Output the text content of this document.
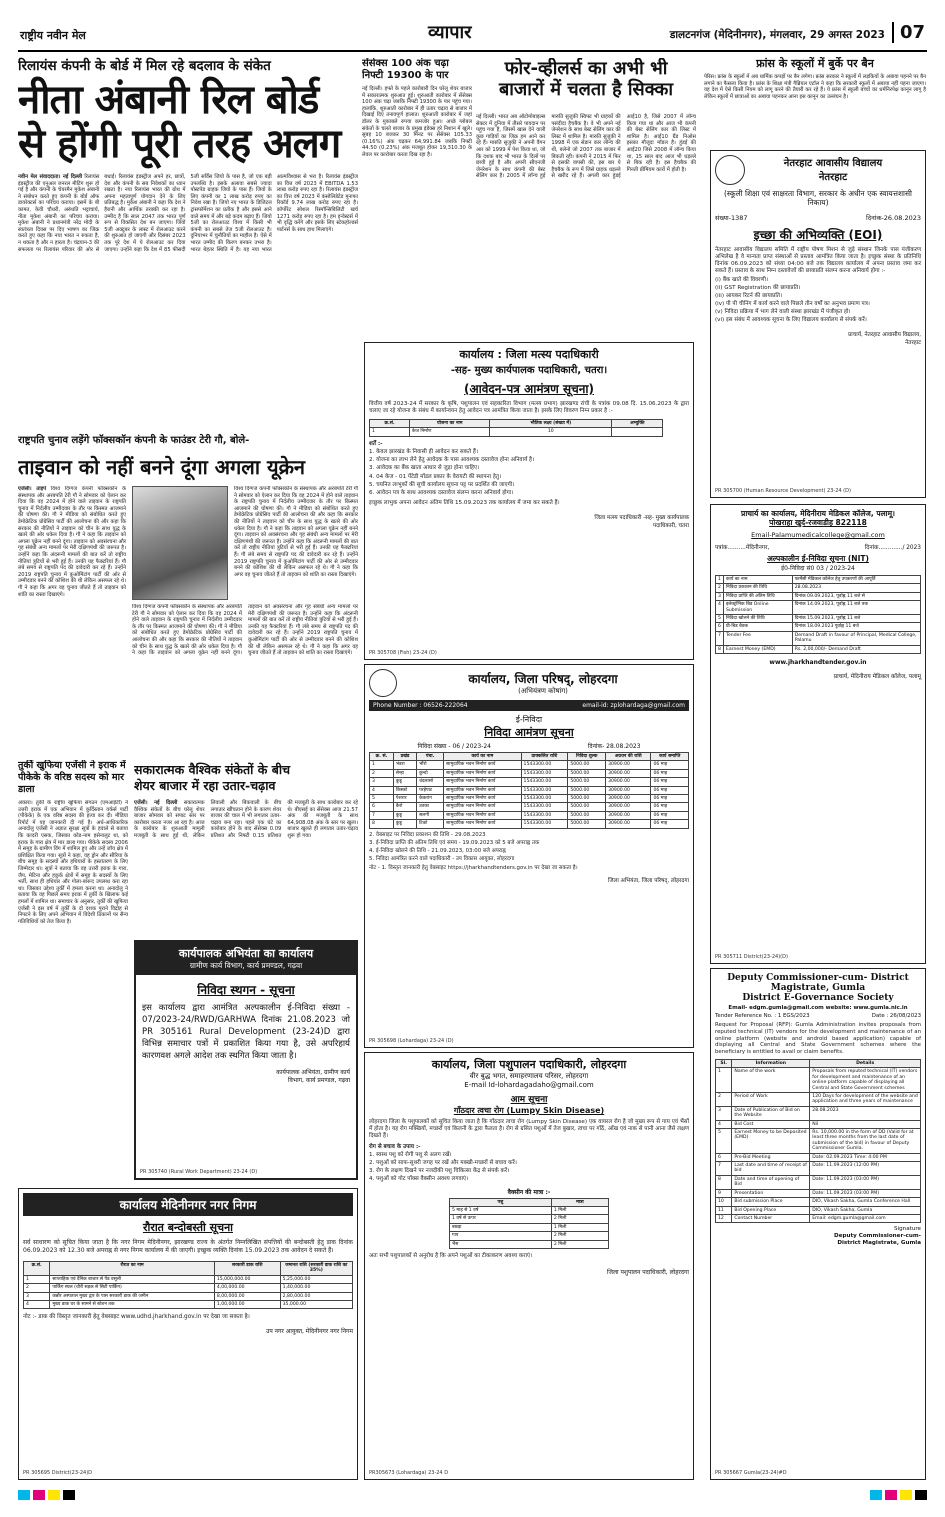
राष्ट्रीय नवीन मेल	व्यापार	डालटनगंज (मेदिनीनगर), मंगलवार, 29 अगस्त 2023 07
रिलायंस कंपनी के बोर्ड में मिल रहे बदलाव के संकेत
नीता अंबानी रिल बोर्ड
से होंगी पूरी तरह अलग
नवीन मेल संवाददाता। नई दिल्ली रिलायंस इंडस्ट्रीज की एनुअल जनरल मीटिंग शुरू हो गई है और कंपनी के चेयरमैन मुकेश अंबानी ने संबोधन करते हुए कंपनी के बोर्ड ऑफ डायरेक्टर्स का परिचय कराया। इसमें के बी कामत, केवी चौधरी, अरुंधति भट्टाचार्य, नीता मुकेश अंबानी का परिचय कराया। मुकेश अंबानी ने प्रधानमंत्री नरेंद्र मोदी के स्वतंत्रता दिवस पर दिए भाषण का जिक्र करते हुए कहा कि नया भारत न रुकता है, न थकता है और न हारता है। चंद्रयान-3 की सफलता पर रिलायंस परिवार की ओर से बधाई। रिलायंस इंडस्ट्रीज अपने हर, छात्रों, देश और कंपनी के सब निवेशकों का ध्यान रखता है। नया रिलायंस भारत की ग्रोथ में अपना महत्वपूर्ण योगदान देने के लिए प्रतिबद्ध है। मुकेश अंबानी ने कहा कि देश ने हैरानी और आर्थिक तरक्की कर रहा है। उम्मीद है कि साल 2047 तक भारत पूर्ण रूप से विकसित देश बन जाएगा। जियो 5जी अक्टूबर के लास्ट में रोलआउट करने की शुरुआत हो जाएगी और दिसंबर 2023 तक पूरे देश में ये रोलआउट कर दिया जाएगा। उन्होंने कहा कि देश में 85 फीसदी 5जी सर्विस जियो के पास है, जो एक बड़ी उपलब्धि है। इसके अलावा सबसे ज्यादा पोस्टपेड ग्राहक जियो के पास हैं। जियो के लिए कंपनी का 1 लाख करोड़ रुपए का निवेश रखा है। जियो नए भारत के डिजिटल ट्रांसफॉर्मेशन का प्रतीक है और इससे आने वाले समय में और बड़े कदम बढ़ाए हैं। जियो 5जी का रोलआउट विश्व में किसी भी कंपनी का सबसे तेज 5जी रोलआउट है। दुनियाभर में चुनौतियों का माहौल है। ऐसे में भारत उम्मीद की किरण बनकर उभरा है। भारत बेहतर स्थिति में है। यह नया भारत आत्मविश्वास से भरा है। रिलायंस इंडस्ट्रीज का वित्त वर्ष 2023 में EBITDA 1.53 लाख करोड़ रुपए रहा है। रिलायंस इंडस्ट्रीज का वित्त वर्ष 2023 में कंसोलिडेटेड मुनाफा रिकॉर्ड 9.74 लाख करोड़ रुपए रहा है। कॉर्पोरेट सोशल रिस्पॉन्सिबिलिटी खर्च 1271 करोड़ रुपए रहा है। हम इन्वेस्टर्स में भी वृद्धि करेंगे और इसके लिए स्टेकहोल्डर्स पार्टनर्स के साथ हाथ मिलाएंगे।
सेंसेक्स 100 अंक चढ़ा निफ्टी 19300 के पार
नई दिल्ली। हफ्ते के पहले कारोबारी दिन घरेलू शेयर बाजार में सकारात्मक शुरुआत हुई। शुरुआती कारोबार में सेंसेक्स 100 अंक चढ़ा जबकि निफ्टी 19300 के पार पहुंच गया। हालांकि, शुरुआती कारोबार में ही उतार चढ़ाव से बाजार में दिखाई दिए तनावपूर्ण हालात। शुरुआती कारोबार में जहां डॉलर के मुकाबले रुपया कमजोर हुआ। अच्छे ग्लोबल संकेतों के चलते बाजार के प्रमुख इंडेक्स हरे निशान में खुले। सुबह 10 बजकर 30 मिनट पर सेंसेक्स 105.33 (0.16%) अंक चढ़कर 64,991.84 जबकि निफ्टी 44.50 (0.23%) अंक मजबूत होकर 19,310.30 के लेवल पर कारोबार करता दिख रहा है।
फोर-व्हीलर्स का अभी भी
बाजारों में चलता है सिक्का
नई दिल्ली। भारत अब ऑटोमोबाइल्स सेक्टर में दुनिया में तीसरे पायदान पर पहुंच गया है, जिसमें खास देने वाली कुछ गाड़ियों का जिक्र हम आने कर रहे हैं। मारुति सुजुकी ने अपनी वैगन आर को 1999 में पेश किया था, जो कि दशक बाद भी भारत के दिलों पर छायी हुई है और अपनी सीएनजी जेनरेशन के साथ कंपनी की बेस्ट सेलिंग कार है। 2005 में लॉन्च हुई मारुति सुजुकी स्विफ्ट भी ग्राहकों की पसंदीदा हैचबैक है। वे भी अपने नई जेनरेशन के साथ बेस्ट सेलिंग कार की लिस्ट में शामिल है। मारुति सुजुकी ने 1998 में एक सेडान कार लॉन्च की थी, बलेनो जो 2007 तक बाजार में बिकती रही। कंपनी ने 2015 में फिर से इसकी वापसी की, इस बार ये हैचबैक के रूप में जिसे ग्राहक धड़ल्ले से खरीद रहे हैं। अगली कार हुंडई आई10 है, जिसे 2007 में लॉन्च किया गया था और आज भी कंपनी की बेस्ट सेलिंग कार की लिस्ट में शामिल है। आई10 ग्रैंड निओस इसका मौजूदा मॉडल है। हुंडई की आई20 जिसे 2008 में लॉन्च किया था, 15 साल बाद आज भी धड़ल्ले से बिक रही है। इस हैचबैक की गिनती प्रीमियम कारों में होती है।
फ्रांस के स्कूलों में बुर्के पर बैन
पेरिस। फ्रांस के स्कूलों में अब धार्मिक कपड़ों पर बैन लगेगा। फ्रांस सरकार ने स्कूलों में लड़कियों के अबाया पहनने पर बैन लगाने का फैसला किया है। फ्रांस के शिक्षा मंत्री गैब्रियल एटॉल ने कहा कि सरकारी स्कूलों में अबाया नहीं पहना जाएगा। वह देश में ऐसे किसी नियम को लागू करने की तैयारी कर रहे हैं। ये फ्रांस में स्कूली बच्चों का धर्मनिरपेक्ष कानून लागू है लेकिन स्कूलों में छात्राओं का अबाया पहनकर आना इस कानून का उल्लंघन है।
नेतरहाट आवासीय विद्यालय
नेतरहाट
(स्कूली शिक्षा एवं साक्षरता विभाग, सरकार के अधीन एक स्वायत्तशासी निकाय)
संख्या-1387	दिनांक-26.08.2023
इच्छा की अभिव्यक्ति (EOI)
नेतरहाट आवासीय विद्यालय समिति में राष्ट्रीय पोषण मिशन से जुड़े संस्थान जिनके पास पंजीकरण अभिलेख है वे मान्यता प्राप्त संस्थाओं से प्रस्ताव आमंत्रित किया जाता है। इच्छुक संस्था के प्रतिनिधि दिनांक 06.09.2023 को संध्या 04:00 बजे तक विद्यालय कार्यालय में अपना प्रस्ताव जमा कर सकते हैं। प्रस्ताव के साथ निम्न दस्तावेजों की छायाप्रति संलग्न करना अनिवार्य होगा :-

(i) बैंक खाते की विवरणी।

(ii) GST Registration की छायाप्रति।

(iii) आयकर रिटर्न की छायाप्रति।

(iv) पी पी चीनिंग में कार्य करने वाले पिछले तीन वर्षों का अनुभव प्रमाण पत्र।

(v) निविदा प्रक्रिया में भाग लेने वाली संस्था झारखंड में पंजीकृत हो।

(vi) इस संबंध में आवश्यक सूचना के लिए विद्यालय कार्यालय से संपर्क करें।

प्राचार्य, नेतरहाट आवासीय विद्यालय, नेतरहाट
PR 305700 (Human Resource Development) 23-24 (D)
कार्यालय : जिला मत्स्य पदाधिकारी
-सह- मुख्य कार्यपालक पदाधिकारी, चतरा।
(आवेदन-पत्र आमंत्रण सूचना)
वित्तीय वर्ष 2023-24 में सरकार के कृषि, पशुपालन एवं सहकारिता विभाग (मत्स्य प्रभाग) झारखण्ड रांची के पत्रांक 09.08 दि. 15.06.2023 के द्वारा चलाए जा रहे योजना के संबंध में कार्यान्वयन हेतु आवेदन पत्र आमंत्रित किया जाता है। इसके लिए विवरण निम्न प्रकार है :-
क्र.सं.	योजना का नाम	भौतिक लक्ष्य (संख्या में)	अभ्युक्ति
1	केज निर्माण	10	

शर्तें :-

1. केवल झारखंड के निवासी ही आवेदन कर सकते हैं।

2. योजना का लाभ लेने हेतु आवेदक के पास आवश्यक दस्तावेज होना अनिवार्य है।

3. आवेदक का बैंक खाता आधार से जुड़ा होना चाहिए।

4. 04 केज - 01 पेंटेडी मॉडल प्रकार के वेरायटी की स्थापना हेतु।

5. चयनित लाभुकों की सूची कार्यालय सूचना पट्ट पर प्रदर्शित की जाएगी।

6. आवेदन पत्र के साथ आवश्यक दस्तावेज संलग्न करना अनिवार्य होगा।

इच्छुक लाभुक अपना आवेदन अंतिम तिथि 15.09.2023 तक कार्यालय में जमा कर सकते हैं।

जिला मत्स्य पदाधिकारी -सह- मुख्य कार्यपालक पदाधिकारी, चतरा
PR 305708 (Fish) 23-24 (D)
राष्ट्रपति चुनाव लड़ेंगे फॉक्सकॉन कंपनी के फाउंडर टेरी गौ, बोले-
ताइवान को नहीं बनने दूंगा अगला यूक्रेन
एजेंसी। ताइपे विश्व दिग्गज कंपनी फॉक्सकॉन के संस्थापक और अरबपति टेरी गौ ने सोमवार को ऐलान कर दिया कि वह 2024 में होने वाले ताइवान के राष्ट्रपति चुनाव में निर्दलीय उम्मीदवार के तौर पर किस्मत आजमाने की घोषणा की। गौ ने मीडिया को संबोधित करते हुए डेमोक्रेटिक प्रोग्रेसिव पार्टी की आलोचना की और कहा कि सरकार की नीतियों ने ताइवान को चीन के साथ युद्ध के खतरे की ओर धकेल दिया है। गौ ने कहा कि ताइवान को अगला यूक्रेन नहीं बनने दूंगा। ताइवान को अवसंरचना और गृह संबंधी अन्य मामलों पर मेरी दक्षिणपंथी की जरूरत है। उन्होंने कहा कि अंदरूनी मामलों की बात करें तो राष्ट्रीय नीतियां त्रुटियों से भरी हुई हैं। उनकी यह फैक्टरियां हैं। गौ लंबे समय से राष्ट्रपति पद की दावेदारी कर रहे हैं। उन्होंने 2019 राष्ट्रपति चुनाव में कुओमिंटांग पार्टी की ओर से उम्मीदवार बनने की कोशिश की थी लेकिन असफल रहे थे। गौ ने कहा कि अगर वह चुनाव जीतते हैं तो ताइवान को शांति का रास्ता दिखाएंगे।
विश्व दिग्गज कंपनी फॉक्सकॉन के संस्थापक और अरबपति टेरी गौ ने सोमवार को ऐलान कर दिया कि वह 2024 में होने वाले ताइवान के राष्ट्रपति चुनाव में निर्दलीय उम्मीदवार के तौर पर किस्मत आजमाने की घोषणा की। गौ ने मीडिया को संबोधित करते हुए डेमोक्रेटिक प्रोग्रेसिव पार्टी की आलोचना की और कहा कि सरकार की नीतियों ने ताइवान को चीन के साथ युद्ध के खतरे की ओर धकेल दिया है। गौ ने कहा कि ताइवान को अगला यूक्रेन नहीं बनने दूंगा। ताइवान को अवसंरचना और गृह संबंधी अन्य मामलों पर मेरी दक्षिणपंथी की जरूरत है। उन्होंने कहा कि अंदरूनी मामलों की बात करें तो राष्ट्रीय नीतियां त्रुटियों से भरी हुई हैं। उनकी यह फैक्टरियां हैं। गौ लंबे समय से राष्ट्रपति पद की दावेदारी कर रहे हैं। उन्होंने 2019 राष्ट्रपति चुनाव में कुओमिंटांग पार्टी की ओर से उम्मीदवार बनने की कोशिश की थी लेकिन असफल रहे थे। गौ ने कहा कि अगर वह चुनाव जीतते हैं तो ताइवान को शांति का रास्ता दिखाएंगे।
विश्व दिग्गज कंपनी फॉक्सकॉन के संस्थापक और अरबपति टेरी गौ ने सोमवार को ऐलान कर दिया कि वह 2024 में होने वाले ताइवान के राष्ट्रपति चुनाव में निर्दलीय उम्मीदवार के तौर पर किस्मत आजमाने की घोषणा की। गौ ने मीडिया को संबोधित करते हुए डेमोक्रेटिक प्रोग्रेसिव पार्टी की आलोचना की और कहा कि सरकार की नीतियों ने ताइवान को चीन के साथ युद्ध के खतरे की ओर धकेल दिया है। गौ ने कहा कि ताइवान को अगला यूक्रेन नहीं बनने दूंगा। ताइवान को अवसंरचना और गृह संबंधी अन्य मामलों पर मेरी दक्षिणपंथी की जरूरत है। उन्होंने कहा कि अंदरूनी मामलों की बात करें तो राष्ट्रीय नीतियां त्रुटियों से भरी हुई हैं। उनकी यह फैक्टरियां हैं। गौ लंबे समय से राष्ट्रपति पद की दावेदारी कर रहे हैं। उन्होंने 2019 राष्ट्रपति चुनाव में कुओमिंटांग पार्टी की ओर से उम्मीदवार बनने की कोशिश की थी लेकिन असफल रहे थे। गौ ने कहा कि अगर वह चुनाव जीतते हैं तो ताइवान को शांति का रास्ता दिखाएंगे।
कार्यालय, जिला परिषद्, लोहरदगा
(अभियंत्रण कोषांग)
Phone Number : 06526-222064	email-id: zplohardaga@gmail.com
ई-निविदा
निविदा आमंत्रण सूचना
निविदा संख्या - 06 / 2023-24	दिनांक- 28.08.2023
क्र. सं.	प्रखंड	पंचा.	कार्य का नाम	प्राक्कलित राशि	निविदा शुल्क	अग्रधन की राशि	कार्य समाप्ति
1	भंडरा	भौंरो	सामुदायिक भवन निर्माण कार्य	1543300.00	5000.00	30900.00	06 माह
2	सेन्हा	कुन्दो	सामुदायिक भवन निर्माण कार्य	1543300.00	5000.00	30900.00	06 माह
3	कुडू	चंदलासो	सामुदायिक भवन निर्माण कार्य	1543300.00	5000.00	30900.00	06 माह
4	किस्को	परहेपाट	सामुदायिक भवन निर्माण कार्य	1543300.00	5000.00	30900.00	06 माह
5	पेशरार	केकरांग	सामुदायिक भवन निर्माण कार्य	1543300.00	5000.00	30900.00	06 माह
6	कैरो	उतका	सामुदायिक भवन निर्माण कार्य	1543300.00	5000.00	30900.00	06 माह
7	कुडू	सलगी	सामुदायिक भवन निर्माण कार्य	1543300.00	5000.00	30900.00	06 माह
8	कुडू	टिको	सामुदायिक भवन निर्माण कार्य	1543300.00	5000.00	30900.00	06 माह

2. वेबसाइट पर निविदा प्रकाशन की तिथि - 29.08.2023

3. ई-निविदा प्राप्ति की अंतिम तिथि एवं समय - 19.09.2023 को 5 बजे अपराह्न तक

4. ई-निविदा खोलने की तिथि - 21.09.2023, 03:00 बजे अपराह्न

5. निविदा आमंत्रित करने वाले पदाधिकारी - उप विकास आयुक्त, लोहरदगा

नोट - 1. विस्तृत जानकारी हेतु वेबसाइट https://jharkhandtenders.gov.in पर देखा जा सकता है।

जिला अभियंता, जिला परिषद्, लोहरदगा
PR 305698 (Lohardaga) 23-24 (D)
प्राचार्य का कार्यालय, मेदिनीराय मेडिकल कॉलेज, पलामू।
पोखराहा खुर्द-रजवाडीह 822118
Email-Palamumedicalcollege@gmail.com
पत्रांक..........मेदिनीनगर,	दिनांक............./ 2023
अल्पकालीन ई-निविदा सूचना (NIT)
ई0-निविदा सं0 03 / 2023-24
1	कार्य का नाम	फार्मेसी मेडिकल कॉलेज हेतु उपकरणों की आपूर्ति
2	निविदा प्रकाशन की तिथि	28.08.2023
3	निविदा प्राप्ति की अंतिम तिथि	दिनांक 09.09.2023, पूर्वाह्न 11 बजे से
4	इलेक्ट्रॉनिक बिड Online Submission	दिनांक 14.09.2023, पूर्वाह्न 11 बजे तक
5	निविदा खोलने की तिथि	दिनांक 15.09.2023, पूर्वाह्न 11 बजे
6	प्री-बिड बैठक	दिनांक 18.09.2023 पूर्वाह्न 11 बजे
7	Tender Fee	Demand Draft in favour of Principal, Medical College, Palamu
8	Earnest Money (EMD)	Rs. 2,00,000/- Demand Draft
www.jharkhandtender.gov.in
प्राचार्य, मेदिनीराय मेडिकल कॉलेज, पलामू
PR 305711 District(23-24)(D)
तुर्की खुफिया एजेंसी ने इराक में पीकेके के वरिष्ठ सदस्य को मार डाला
अंकारा। तुर्की के राष्ट्रीय खुफिया संगठन (एमआईटी) ने उत्तरी इराक में एक अभियान में कुर्दिस्तान वर्कर्स पार्टी (पीकेके) के एक वरिष्ठ सदस्य की हत्या कर दी। मीडिया रिपोर्ट में यह जानकारी दी गई है। अर्ध-आधिकारिक अनादोलु एजेंसी ने अज्ञात सुरक्षा सूत्रों के हवाले से बताया कि कादरी एसक, जिसका कोड-नाम हसेनालुट था, को इराक के गारा क्षेत्र में मार डाला गया। पीकेके सदस्य 2006 में समूह के ग्रामीण विंग में शामिल हुए और उन्हें जॉय क्षेत्र में प्रशिक्षित किया गया। सूत्रों ने कहा, वह ड्रोन और सीरिया के बीच समूह के सदस्यों और हथियारों के हस्तांतरण के लिए जिम्मेदार था। सूत्रों ने बताया कि वह उत्तरी इराक के गारा, जैप, मेटिना और हकुर्क क्षेत्रों में समूह के सदस्यों के लिए भर्ती, साथ ही हथियार और गोला-बारूद उपलब्ध करा रहा था। जिसका उद्देश्य तुर्की में हमला करना था। अनादोलु ने बताया कि वह पिछले समय इराक में तुर्की के खिलाफ कई हमलों में शामिल था। समाचार के अनुसार, तुर्की की खुफिया एजेंसी ने इस वर्ष में तुर्की के दो दशक पुराने विद्रोह से निपटने के लिए अपने अभियान में विदेशी ठिकानों पर सैन्य गतिविधियों को तेज किया है।
सकारात्मक वैश्विक संकेतों के बीच
शेयर बाजार में रहा उतार-चढ़ाव
एजेंसी। नई दिल्ली सकारात्मक वैश्विक संकेतों के बीच घरेलू शेयर बाजार सोमवार को सपाट स्तर पर कारोबार करता नजर आ रहा है। आज के कारोबार के शुरुआती मामूली मजबूती के साथ हुई थी, लेकिन लिवाली और बिकवाली के बीच लगातार खींचतान होने के कारण शेयर बाजार की चाल में भी लगातार उतार-चढ़ाव बना रहा। पहले एक घंटे का कारोबार होने के बाद सेंसेक्स 0.09 प्रतिशत और निफ्टी 0.15 प्रतिशत की मजबूती के साथ कारोबार कर रहे थे। बीएसई का सेंसेक्स आज 21.57 अंक की मजबूती के साथ 64,908.08 अंक के स्तर पर खुला। बाजार खुलते ही लगातार उतार-चढ़ाव शुरू हो गया।
कार्यपालक अभियंता का कार्यालय
ग्रामीण कार्य विभाग, कार्य प्रमण्डल, गढ़वा
निविदा स्थगन - सूचना
इस कार्यालय द्वारा आमंत्रित अल्पकालीन ई-निविदा संख्या - 07/2023-24/RWD/GARHWA दिनांक 21.08.2023 जो PR 305161 Rural Development (23-24)D द्वारा विभिन्न समाचार पत्रों में प्रकाशित किया गया है, उसे अपरिहार्य कारणवश अगले आदेश तक स्थगित किया जाता है।
कार्यपालक अभियंता, ग्रामीण कार्य विभाग, कार्य प्रमण्डल, गढ़वा
PR 305740 (Rural Work Department) 23-24 (D)
कार्यालय मेदिनीनगर नगर निगम
रौरात बन्दोबस्ती सूचना
सर्व साधारण को सूचित किया जाता है कि नगर निगम मेदिनीनगर, झारखण्ड राज्य के अंतर्गत निम्नलिखित संपत्तियों की बन्दोबस्ती हेतु डाक दिनांक 06.09.2023 को 12.30 बजे अपराह्न से नगर निगम कार्यालय में की जाएगी। इच्छुक व्यक्ति दिनांक 15.09.2023 तक आवेदन दे सकते हैं।
क्र.सं.	रौरात का नाम	सरकारी डाक राशि	जमानत राशि (सरकारी डाक राशि का 35%)
1	साप्ताहिक एवं दैनिक बाजार से पैड वसूली	15,000,000.00	5,25,000.00
2	पार्किंग स्थल (चौरी सड़क से सिटी पार्किंग)	4,00,000.00	1,40,000.00
3	कन्नौर अस्पताल मुख्य द्वार के पास सरकारी डाक की जमीन	8,00,000.00	2,80,000.00
4	मुख्य डाक घर के सामने से स्टेशन तक	1,00,000.00	35,000.00
नोट :- डाक की विस्तृत जानकारी हेतु वेबसाइट www.udhd.jharkhand.gov.in पर देखा जा सकता है।
उप नगर आयुक्त, मेदिनीनगर नगर निगम
PR 305695 District(23-24)D
कार्यालय, जिला पशुपालन पदाधिकारी, लोहरदगा
वीर बुद्ध भगत, समाहरणालय परिसर, लोहरदगा
E-mail Id-lohardagadaho@gmail.com
आम सूचना
गाँठदार त्वचा रोग (Lumpy Skin Disease)
लोहरदगा जिला के पशुपालकों को सूचित किया जाता है कि गाँठदार त्वचा रोग (Lumpy Skin Disease) एक वायरल रोग है जो मुख्य रूप से गाय एवं भैंसों में होता है। यह रोग मक्खियों, मच्छरों एवं किलनी के द्वारा फैलता है। रोग से ग्रसित पशुओं में तेज बुखार, त्वचा पर गाँठें, आँख एवं नाक से पानी आना जैसे लक्षण दिखते हैं।

रोग से बचाव के उपाय :-

1. स्वस्थ पशु को रोगी पशु से अलग रखें।

2. पशुओं को साफ-सुथरी जगह पर रखें और मक्खी-मच्छरों से बचाव करें।

3. रोग के लक्षण दिखने पर नजदीकी पशु चिकित्सा केंद्र से संपर्क करें।

4. पशुओं को गोट पॉक्स वैक्सीन अवश्य लगवाएं।

वैक्सीन की मात्रा :-
पशु	मात्रा
5 माह से 1 वर्ष	1 मिली
1 वर्ष से ऊपर	2 मिली
बछड़ा	1 मिली
गाय	2 मिली
भैंस	2 मिली
अतः सभी पशुपालकों से अनुरोध है कि अपने पशुओं का टीकाकरण अवश्य कराएं।
जिला पशुपालन पदाधिकारी, लोहरदगा
PR305673 (Lohardaga) 23-24 D
Deputy Commissioner-cum- District
Magistrate, Gumla
District E-Governance Society
Email- edgm.gumla@gmail.com website: www.gumla.nic.in
Tender Reference No. : 1 EGS/2023	Date : 26/08/2023
Request for Proposal (RFP): Gumla Administration invites proposals from reputed technical (IT) vendors for the development and maintenance of an online platform (website and android based application) capable of displaying all Central and State Government schemes where the beneficiary is entitled to avail or claim benefits.
Sl.	Information	Details
1	Name of the work	Proposals from reputed technical (IT) vendors for development and maintenance of an online platform capable of displaying all Central and State Government schemes
2	Period of Work	120 Days for development of the website and application and three years of maintenance
3	Date of Publication of Bid on the Website	28.08.2023
4	Bid Cost	Nil
5	Earnest Money to be Deposited (EMD)	Rs. 10,000.00 in the form of DD (Valid for at least three months from the last date of submission of the bid) in favour of Deputy Commissioner Gumla.
6	Pre-Bid Meeting	Date: 02.09.2023 Time: 4:00 PM
7	Last date and time of receipt of bid	Date: 11.09.2023 (12:00 PM)
8	Date and time of opening of Bid	Date: 11.09.2023 (03:00 PM)
9	Presentation	Date: 11.09.2023 (03:00 PM)
10	Bid submission Place	DIO, Vikash Sakha, Gumla Conference Hall
11	Bid Opening Place	DIO, Vikash Sakha, Gumla
12	Contact Number	Email: edgm.gumla@gmail.com
Signature
Deputy Commissioner-cum-
District Magistrate, Gumla
PR 305667 Gumla(23-24)#D
